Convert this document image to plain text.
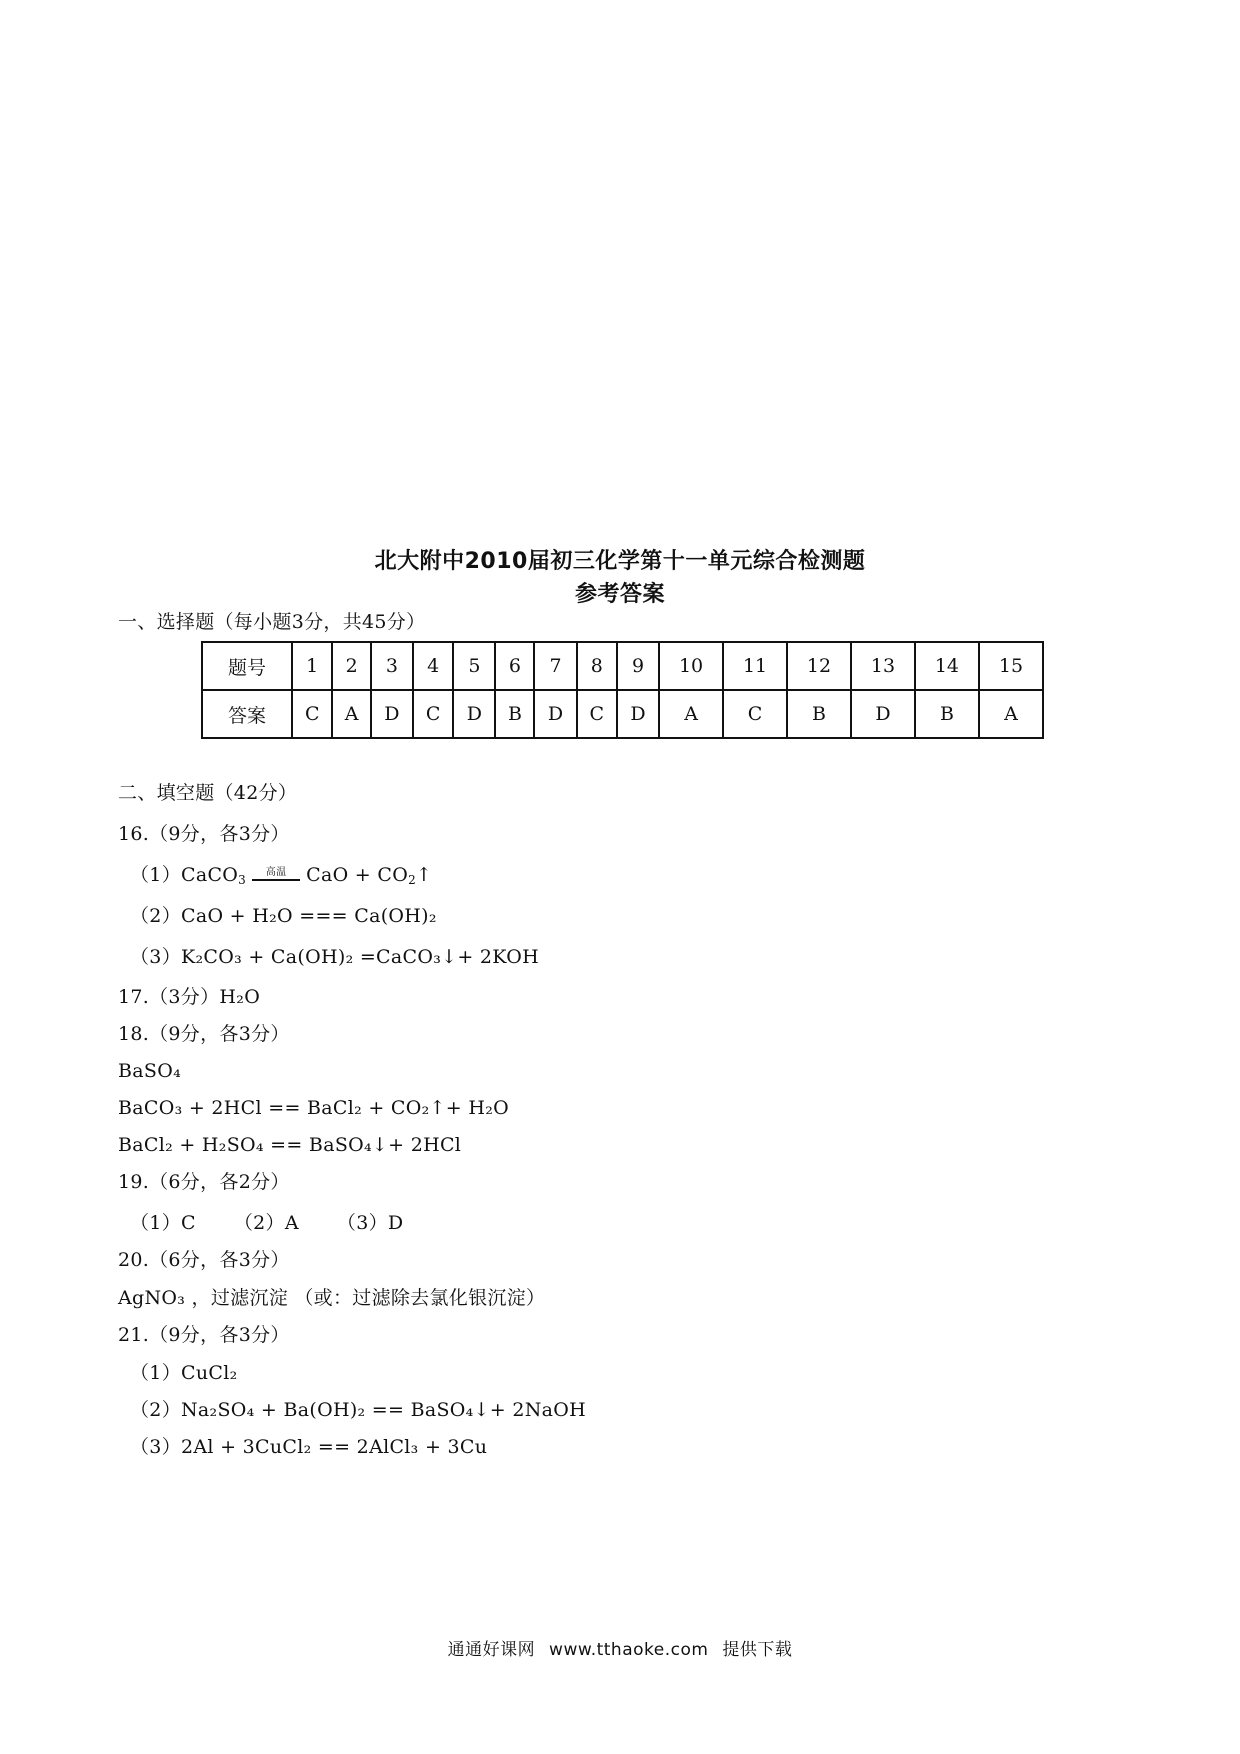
北大附中2010届初三化学第十一单元综合检测题
参考答案
一、选择题（每小题3分，共45分）
题号	1	2	3	4	5	6	7	8	9	10	11	12	13	14	15
答案	C	A	D	C	D	B	D	C	D	A	C	B	D	B	A
二、填空题（42分）
16.（9分，各3分）
（1）CaCO$_3$
高温	CaO + $CO_2↑$
（2）CaO + H₂O === Ca(OH)₂
（3）K₂CO₃ + Ca(OH)₂ =CaCO₃↓+ 2KOH
17.（3分）H₂O
18.（9分，各3分）
BaSO₄
BaCO₃ + 2HCl == BaCl₂ + CO₂↑+ H₂O
BaCl₂ + H₂SO₄ == BaSO₄↓+ 2HCl
19.（6分，各2分）
（1）C      （2）A      （3）D
20.（6分，各3分）
AgNO₃ ，过滤沉淀 （或：过滤除去氯化银沉淀）
21.（9分，各3分）
（1）CuCl₂
（2）Na₂SO₄ + Ba(OH)₂ == BaSO₄↓+ 2NaOH
（3）2Al + 3CuCl₂ == 2AlCl₃ + 3Cu
通通好课网 www.tthaoke.com 提供下载
